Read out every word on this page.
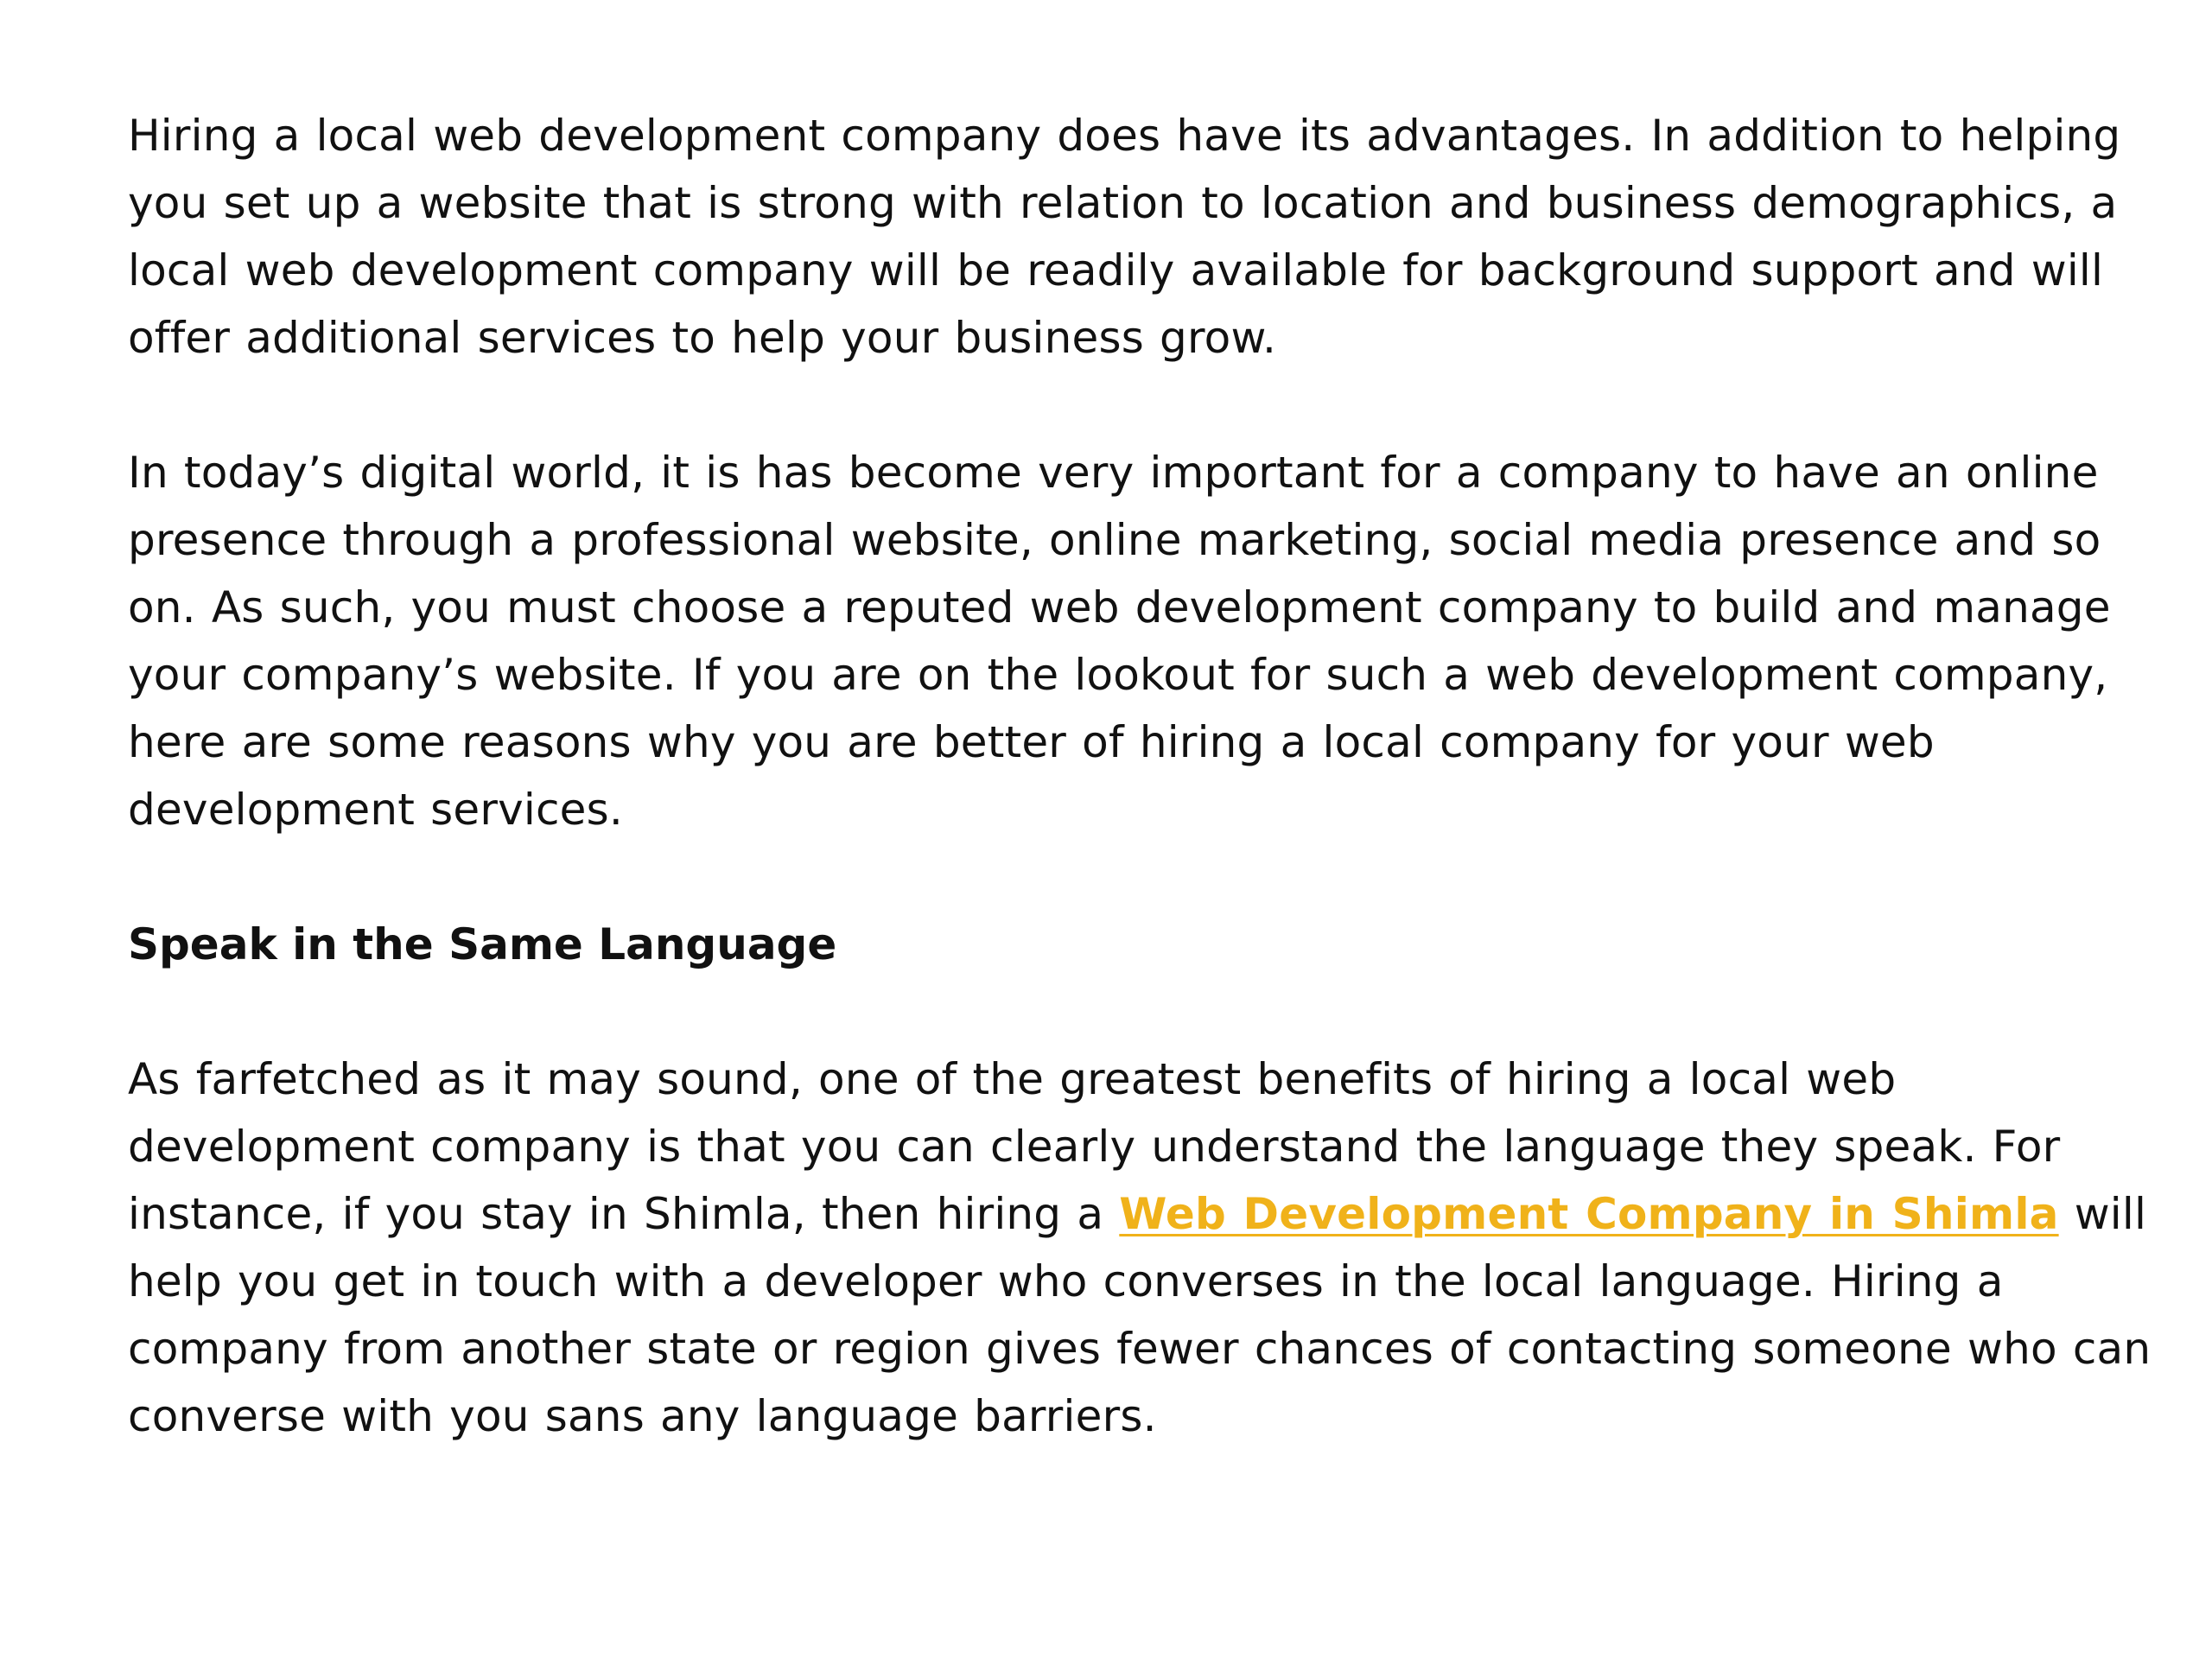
Hiring a local web development company does have its advantages. In addition to helping you set up a website that is strong with relation to location and business demographics, a local web development company will be readily available for background support and will offer additional services to help your business grow.

In today’s digital world, it is has become very important for a company to have an online presence through a professional website, online marketing, social media presence and so on. As such, you must choose a reputed web development company to build and manage your company’s website. If you are on the lookout for such a web development company, here are some reasons why you are better of hiring a local company for your web development services.

Speak in the Same Language

As farfetched as it may sound, one of the greatest benefits of hiring a local web development company is that you can clearly understand the language they speak. For instance, if you stay in Shimla, then hiring a Web Development Company in Shimla will help you get in touch with a developer who converses in the local language. Hiring a company from another state or region gives fewer chances of contacting someone who can converse with you sans any language barriers.
